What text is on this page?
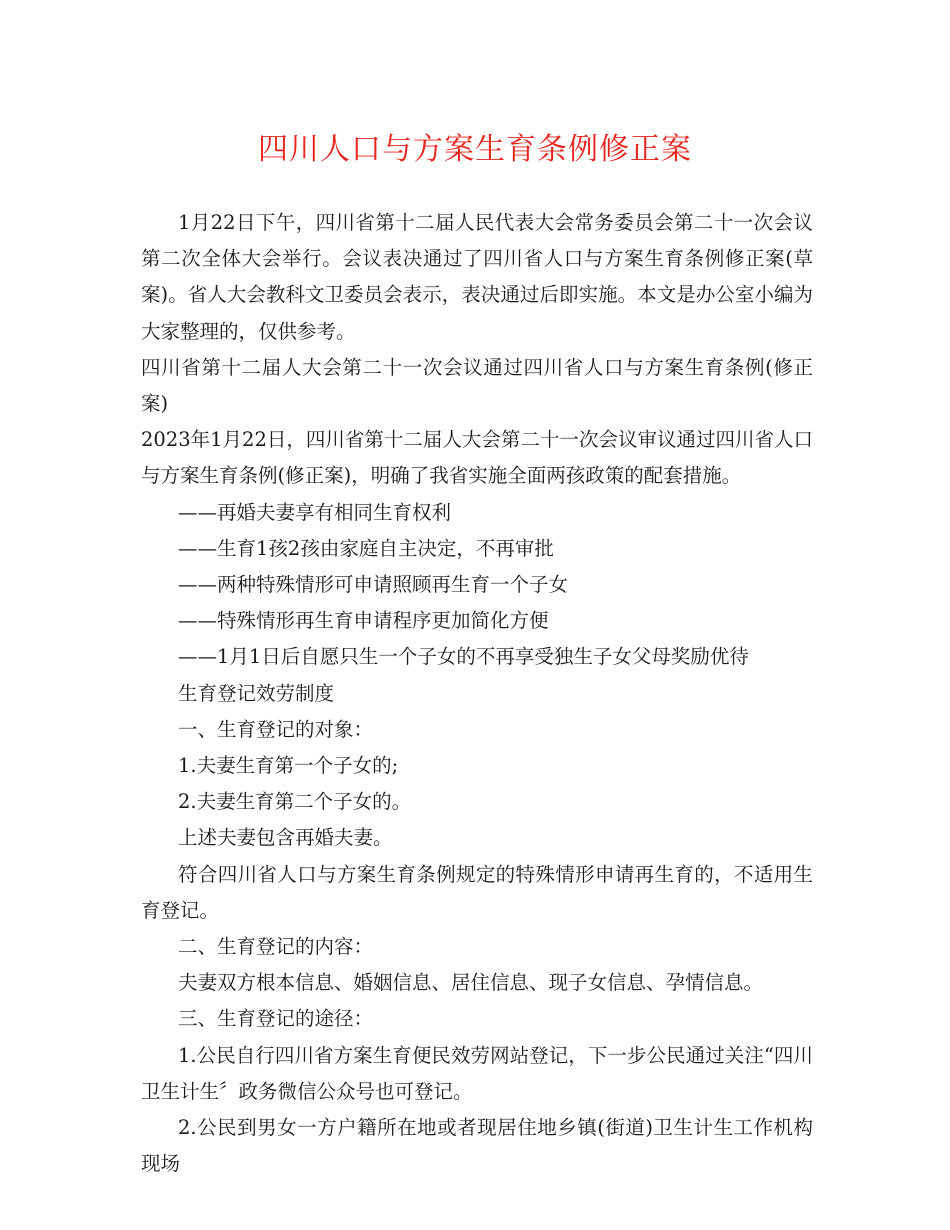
四川人口与方案生育条例修正案

1月22日下午，四川省第十二届人民代表大会常务委员会第二十一次会议第二次全体大会举行。会议表决通过了四川省人口与方案生育条例修正案(草案)。省人大会教科文卫委员会表示，表决通过后即实施。本文是办公室小编为大家整理的，仅供参考。

四川省第十二届人大会第二十一次会议通过四川省人口与方案生育条例(修正案)

2023年1月22日，四川省第十二届人大会第二十一次会议审议通过四川省人口与方案生育条例(修正案)，明确了我省实施全面两孩政策的配套措施。

——再婚夫妻享有相同生育权利

——生育1孩2孩由家庭自主决定，不再审批

——两种特殊情形可申请照顾再生育一个子女

——特殊情形再生育申请程序更加简化方便

——1月1日后自愿只生一个子女的不再享受独生子女父母奖励优待

生育登记效劳制度

一、生育登记的对象：

1.夫妻生育第一个子女的;

2.夫妻生育第二个子女的。

上述夫妻包含再婚夫妻。

符合四川省人口与方案生育条例规定的特殊情形申请再生育的，不适用生育登记。

二、生育登记的内容：

夫妻双方根本信息、婚姻信息、居住信息、现子女信息、孕情信息。

三、生育登记的途径：

1.公民自行四川省方案生育便民效劳网站登记，下一步公民通过关注“四川卫生计生〞政务微信公众号也可登记。

2.公民到男女一方户籍所在地或者现居住地乡镇(街道)卫生计生工作机构现场
